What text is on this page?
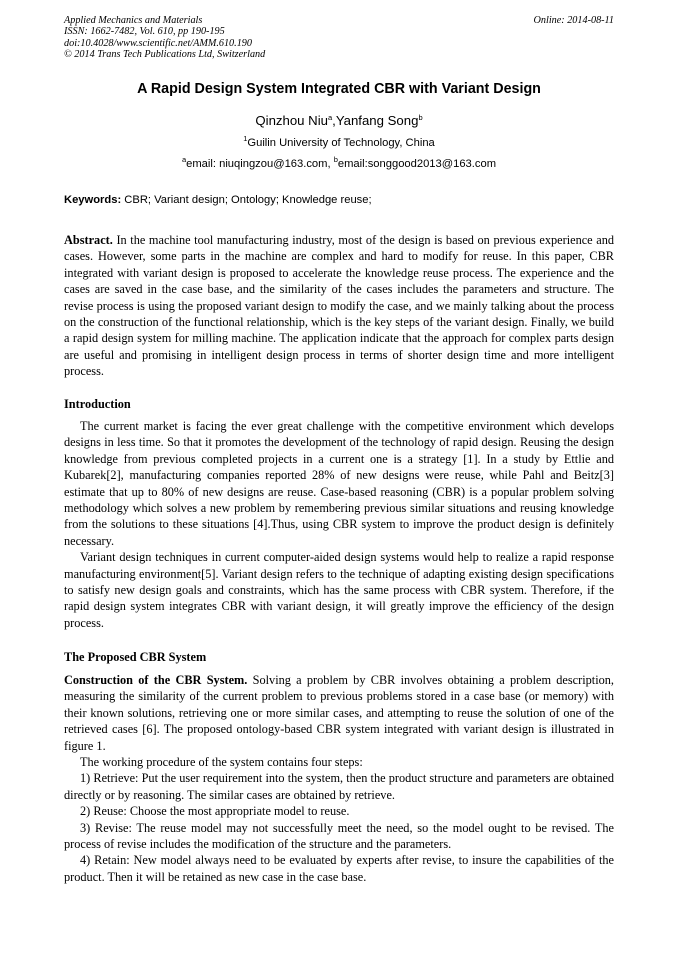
Applied Mechanics and Materials
ISSN: 1662-7482, Vol. 610, pp 190-195
doi:10.4028/www.scientific.net/AMM.610.190
© 2014 Trans Tech Publications Ltd, Switzerland
Online: 2014-08-11
A Rapid Design System Integrated CBR with Variant Design
Qinzhou Niu$^a$,Yanfang Song$^b$
$^1$Guilin University of Technology, China
$^a$email: niuqingzou@163.com, $^b$email:songgood2013@163.com
Keywords: CBR; Variant design; Ontology; Knowledge reuse;

Abstract. In the machine tool manufacturing industry, most of the design is based on previous experience and cases. However, some parts in the machine are complex and hard to modify for reuse. In this paper, CBR integrated with variant design is proposed to accelerate the knowledge reuse process. The experience and the cases are saved in the case base, and the similarity of the cases includes the parameters and structure. The revise process is using the proposed variant design to modify the case, and we mainly talking about the process on the construction of the functional relationship, which is the key steps of the variant design. Finally, we build a rapid design system for milling machine. The application indicate that the approach for complex parts design are useful and promising in intelligent design process in terms of shorter design time and more intelligent process.

Introduction

The current market is facing the ever great challenge with the competitive environment which develops designs in less time. So that it promotes the development of the technology of rapid design. Reusing the design knowledge from previous completed projects in a current one is a strategy [1]. In a study by Ettlie and Kubarek[2], manufacturing companies reported 28% of new designs were reuse, while Pahl and Beitz[3] estimate that up to 80% of new designs are reuse. Case-based reasoning (CBR) is a popular problem solving methodology which solves a new problem by remembering previous similar situations and reusing knowledge from the solutions to these situations [4].Thus, using CBR system to improve the product design is definitely necessary.

Variant design techniques in current computer-aided design systems would help to realize a rapid response manufacturing environment[5]. Variant design refers to the technique of adapting existing design specifications to satisfy new design goals and constraints, which has the same process with CBR system. Therefore, if the rapid design system integrates CBR with variant design, it will greatly improve the efficiency of the design process.

The Proposed CBR System

Construction of the CBR System. Solving a problem by CBR involves obtaining a problem description, measuring the similarity of the current problem to previous problems stored in a case base (or memory) with their known solutions, retrieving one or more similar cases, and attempting to reuse the solution of one of the retrieved cases [6]. The proposed ontology-based CBR system integrated with variant design is illustrated in figure 1.

The working procedure of the system contains four steps:

1) Retrieve: Put the user requirement into the system, then the product structure and parameters are obtained directly or by reasoning. The similar cases are obtained by retrieve.

2) Reuse: Choose the most appropriate model to reuse.

3) Revise: The reuse model may not successfully meet the need, so the model ought to be revised. The process of revise includes the modification of the structure and the parameters.

4) Retain: New model always need to be evaluated by experts after revise, to insure the capabilities of the product. Then it will be retained as new case in the case base.
